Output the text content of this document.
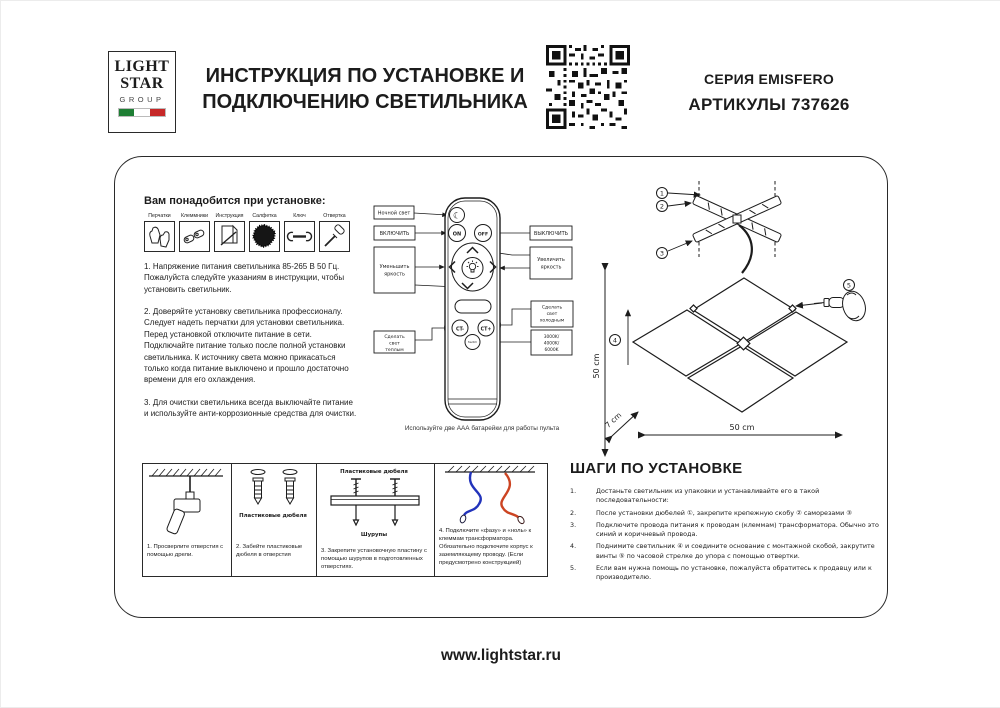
LIGHT
STAR
GROUP
ИНСТРУКЦИЯ ПО УСТАНОВКЕ И
ПОДКЛЮЧЕНИЮ СВЕТИЛЬНИКА
СЕРИЯ EMISFERO
АРТИКУЛЫ 737626
Вам понадобится при установке:
Перчатки	Клеммники	Инструкция	Салфетка	Ключ	Отвертка

1. Напряжение питания светильника 85-265 В 50 Гц. Пожалуйста следуйте указаниям в инструкции, чтобы установить светильник.

2. Доверяйте установку светильника профессионалу. Следует надеть перчатки для установки светильника. Перед установкой отключите питание в сети. Подключайте питание только после полной установки светильника. К источнику света можно прикасаться только когда питание выключено и прошло достаточно времени для его охлаждения.

3. Для очистки светильника всегда выключайте питание и используйте анти-коррозионные средства для очистки.

☾
ON	OFF
CT-	CT+
Switch
Ночной свет
ВКЛЮЧИТЬ
Уменьшить
яркость
Сделать
свет
теплым
ВЫКЛЮЧИТЬ
Увеличить
яркость
Сделать
свет
холодным
3000K/
4000K/
6000K
Используйте две ААА батарейки для работы пульта
1
2
3
4
5
50 cm
7 cm	50 cm
1. Просверлите отверстия с помощью дрели.
Пластиковые дюбеля
2. Забейте пластиковые дюбеля в отверстия
Пластиковые дюбеля
Шурупы
3. Закрепите установочную пластину с помощью шурупов в подготовленных отверстиях.
4. Подключите «фазу» и «ноль» к клеммам трансформатора. Обязательно подключите корпус к заземляющему проводу. (Если предусмотрено конструкцией)
ШАГИ ПО УСТАНОВКЕ
1.	Достаньте светильник из упаковки и устанавливайте его в такой последовательности:
2.	После установки дюбелей ①, закрепите крепежную скобу ② саморезами ③
3.	Подключите провода питания к проводам (клеммам) трансформатора. Обычно это синий и коричневый провода.
4.	Поднимите светильник ④ и соедините основание с монтажной скобой, закрутите винты ⑤ по часовой стрелке до упора с помощью отвертки.
5.	Если вам нужна помощь по установке, пожалуйста обратитесь к продавцу или к производителю.
www.lightstar.ru
